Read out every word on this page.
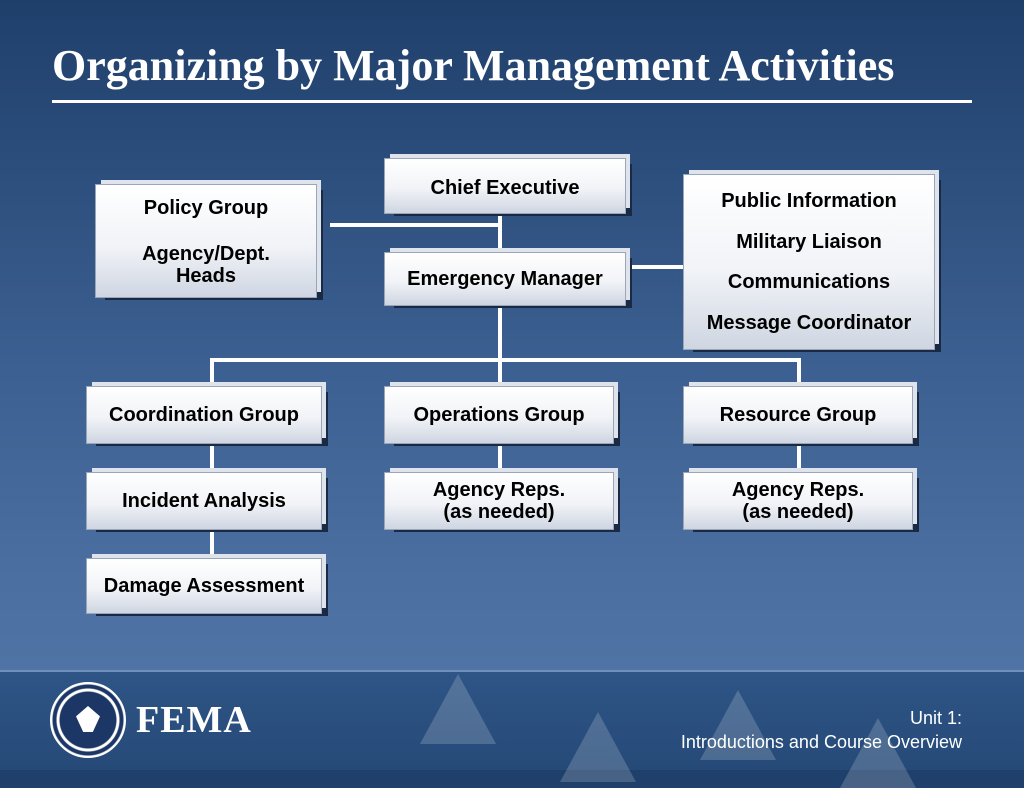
Organizing by Major Management Activities
Chief Executive
Emergency Manager
Policy Group
Agency/Dept.
Heads
Public Information
Military Liaison
Communications
Message Coordinator
Coordination Group	Operations Group	Resource Group
Incident Analysis	Agency Reps.
(as needed)
Agency Reps.
(as needed)
Damage Assessment
FEMA	Unit 1:
Introductions and Course Overview
